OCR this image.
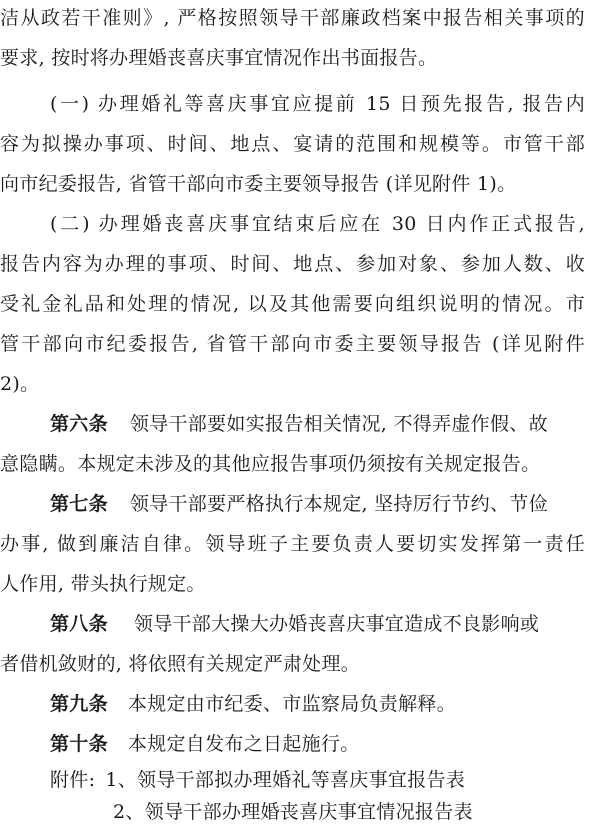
洁从政若干准则》, 严格按照领导干部廉政档案中报告相关事项的
要求, 按时将办理婚丧喜庆事宜情况作出书面报告。
(一) 办理婚礼等喜庆事宜应提前 15 日预先报告, 报告内
容为拟操办事项、时间、地点、宴请的范围和规模等。市管干部
向市纪委报告, 省管干部向市委主要领导报告 (详见附件 1)。
(二) 办理婚丧喜庆事宜结束后应在 30 日内作正式报告,
报告内容为办理的事项、时间、地点、参加对象、参加人数、收
受礼金礼品和处理的情况, 以及其他需要向组织说明的情况。市
管干部向市纪委报告, 省管干部向市委主要领导报告 (详见附件
2)。
第六条 领导干部要如实报告相关情况, 不得弄虚作假、故
意隐瞒。本规定未涉及的其他应报告事项仍须按有关规定报告。
第七条 领导干部要严格执行本规定, 坚持厉行节约、节俭
办事, 做到廉洁自律。领导班子主要负责人要切实发挥第一责任
人作用, 带头执行规定。
第八条 领导干部大操大办婚丧喜庆事宜造成不良影响或
者借机敛财的, 将依照有关规定严肃处理。
第九条 本规定由市纪委、市监察局负责解释。
第十条 本规定自发布之日起施行。
附件: 1、领导干部拟办理婚礼等喜庆事宜报告表
2、领导干部办理婚丧喜庆事宜情况报告表
